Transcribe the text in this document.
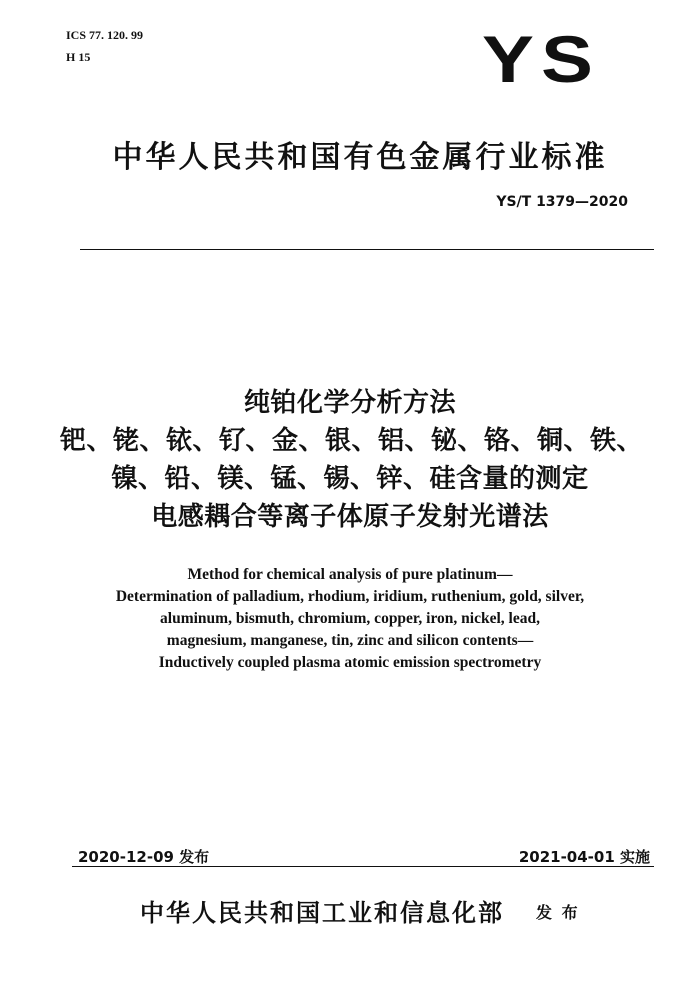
ICS 77. 120. 99
H 15	YS
中华人民共和国有色金属行业标准
YS/T 1379—2020
纯铂化学分析方法
钯、铑、铱、钌、金、银、铝、铋、铬、铜、铁、
镍、铅、镁、锰、锡、锌、硅含量的测定
电感耦合等离子体原子发射光谱法
Method for chemical analysis of pure platinum—
Determination of palladium, rhodium, iridium, ruthenium, gold, silver,
aluminum, bismuth, chromium, copper, iron, nickel, lead,
magnesium, manganese, tin, zinc and silicon contents—
Inductively coupled plasma atomic emission spectrometry
2020-12-09 发布	2021-04-01 实施
中华人民共和国工业和信息化部 发 布
